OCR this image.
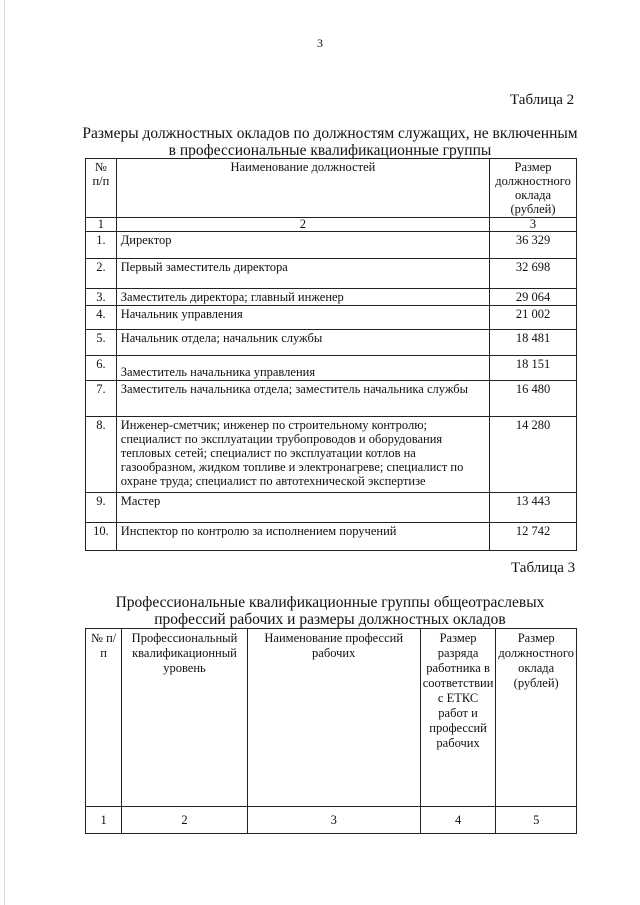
3
Таблица 2
Размеры должностных окладов по должностям служащих, не включенным
в профессиональные квалификационные группы
№ п/п	Наименование должностей	Размер должностного оклада (рублей)
1	2	3
1.	Директор	36 329
2.	Первый заместитель директора	32 698
3.	Заместитель директора; главный инженер	29 064
4.	Начальник управления	21 002
5.	Начальник отдела; начальник службы	18 481
6.	Заместитель начальника управления	18 151
7.	Заместитель начальника отдела; заместитель начальника службы	16 480
8.	Инженер-сметчик; инженер по строительному контролю; специалист по эксплуатации трубопроводов и оборудования тепловых сетей; специалист по эксплуатации котлов на газообразном, жидком топливе и электронагреве; специалист по охране труда; специалист по автотехнической экспертизе	14 280
9.	Мастер	13 443
10.	Инспектор по контролю за исполнением поручений	12 742
Таблица 3
Профессиональные квалификационные группы общеотраслевых
профессий рабочих и размеры должностных окладов
№ п/п	Профессиональный квалификационный уровень	Наименование профессий рабочих	Размер разряда работника в соответствии с ЕТКС работ и профессий рабочих	Размер должностного оклада (рублей)
1	2	3	4	5
